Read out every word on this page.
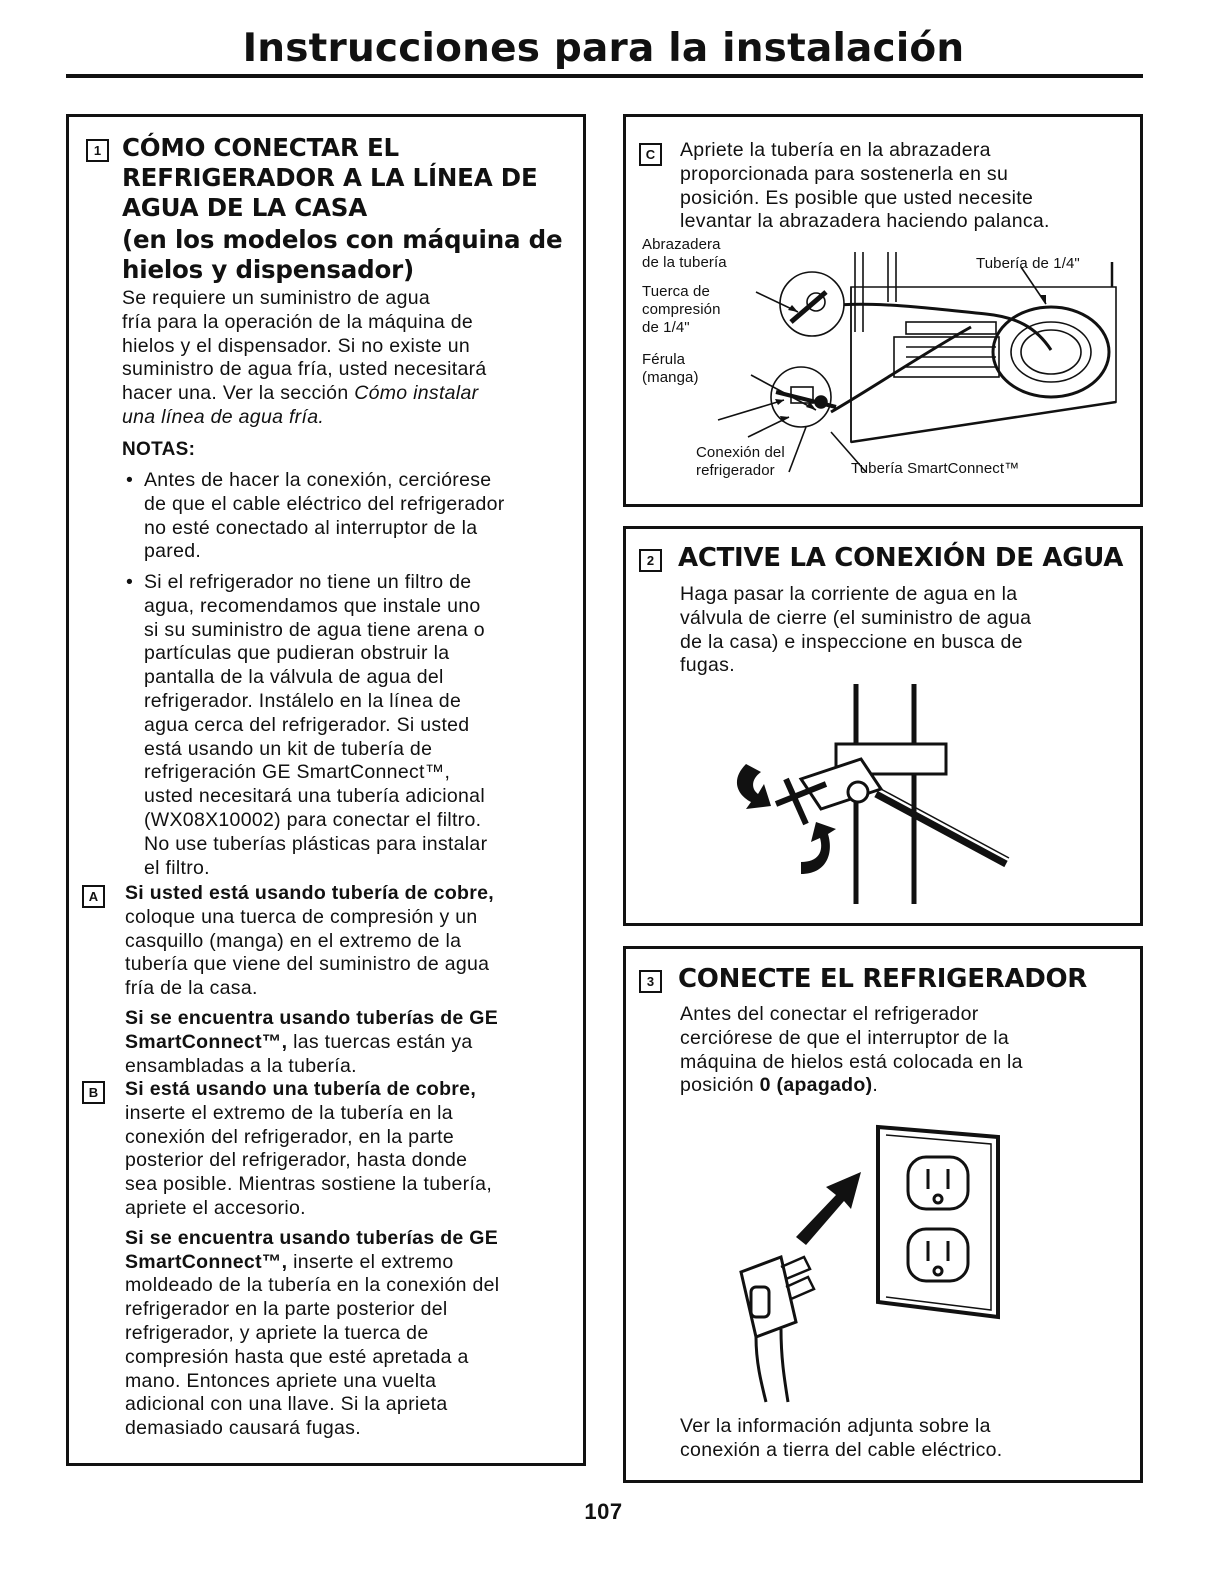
Instrucciones para la instalación
1 CÓMO CONECTAR EL
REFRIGERADOR A LA LÍNEA DE
AGUA DE LA CASA
(en los modelos con máquina de
hielos y dispensador)
Se requiere un suministro de agua
fría para la operación de la máquina de
hielos y el dispensador. Si no existe un
suministro de agua fría, usted necesitará
hacer una. Ver la sección Cómo instalar
una línea de agua fría.
NOTAS:
• Antes de hacer la conexión, cerciórese
de que el cable eléctrico del refrigerador
no esté conectado al interruptor de la
pared.
• Si el refrigerador no tiene un filtro de
agua, recomendamos que instale uno
si su suministro de agua tiene arena o
partículas que pudieran obstruir la
pantalla de la válvula de agua del
refrigerador. Instálelo en la línea de
agua cerca del refrigerador. Si usted
está usando un kit de tubería de
refrigeración GE SmartConnect™,
usted necesitará una tubería adicional
(WX08X10002) para conectar el filtro.
No use tuberías plásticas para instalar
el filtro.
A	Si usted está usando tubería de cobre,
coloque una tuerca de compresión y un
casquillo (manga) en el extremo de la
tubería que viene del suministro de agua
fría de la casa.
Si se encuentra usando tuberías de GE
SmartConnect™, las tuercas están ya
ensambladas a la tubería.
B	Si está usando una tubería de cobre,
inserte el extremo de la tubería en la
conexión del refrigerador, en la parte
posterior del refrigerador, hasta donde
sea posible. Mientras sostiene la tubería,
apriete el accesorio.
Si se encuentra usando tuberías de GE
SmartConnect™, inserte el extremo
moldeado de la tubería en la conexión del
refrigerador en la parte posterior del
refrigerador, y apriete la tuerca de
compresión hasta que esté apretada a
mano. Entonces apriete una vuelta
adicional con una llave. Si la aprieta
demasiado causará fugas.
C	Apriete la tubería en la abrazadera
proporcionada para sostenerla en su
posición. Es posible que usted necesite
levantar la abrazadera haciendo palanca.
Abrazadera
de la tubería	Tubería de 1/4"
Tuerca de
compresión
de 1/4"
Férula
(manga)
Conexión del
refrigerador	Tubería SmartConnect™
2 ACTIVE LA CONEXIÓN DE AGUA
Haga pasar la corriente de agua en la
válvula de cierre (el suministro de agua
de la casa) e inspeccione en busca de
fugas.
3 CONECTE EL REFRIGERADOR
Antes del conectar el refrigerador
cerciórese de que el interruptor de la
máquina de hielos está colocada en la
posición 0 (apagado).
Ver la información adjunta sobre la
conexión a tierra del cable eléctrico.
107
